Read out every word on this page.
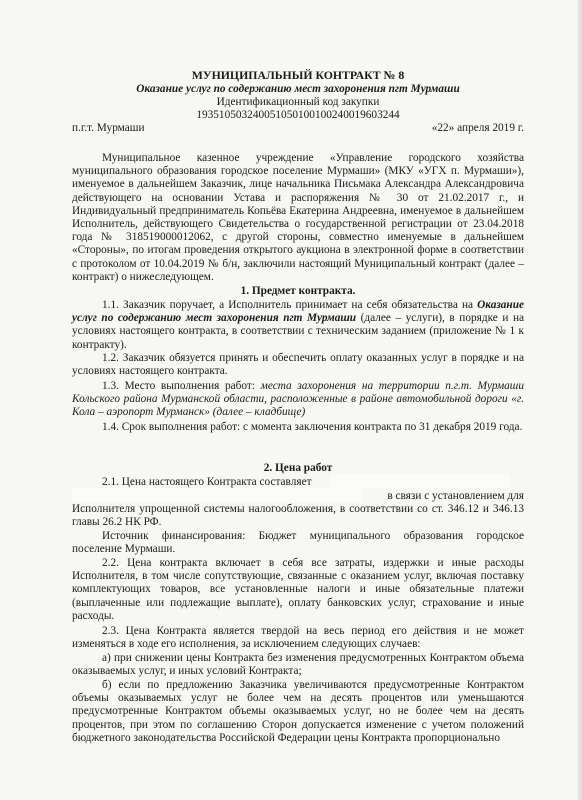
МУНИЦИПАЛЬНЫЙ КОНТРАКТ № 8
Оказание услуг по содержанию мест захоронения пгт Мурмаши
Идентификационный код закупки
193510503240051050100100240019603244
п.г.т. Мурмаши	«22» апреля 2019 г.

Муниципальное казенное учреждение «Управление городского хозяйства муниципального образования городское поселение Мурмаши» (МКУ «УГХ п. Мурмаши»), именуемое в дальнейшем Заказчик, лице начальника Письмака Александра Александровича действующего на основании Устава и распоряжения № 30 от 21.02.2017 г., и Индивидуальный предприниматель Копьёва Екатерина Андреевна, именуемое в дальнейшем Исполнитель, действующего Свидетельства о государственной регистрации от 23.04.2018 года № 318519000012062, с другой стороны, совместно именуемые в дальнейшем «Стороны», по итогам проведения открытого аукциона в электронной форме в соответствии с протоколом от 10.04.2019 № б/н, заключили настоящий Муниципальный контракт (далее – контракт) о нижеследующем.

1. Предмет контракта.

1.1. Заказчик поручает, а Исполнитель принимает на себя обязательства на Оказание услуг по содержанию мест захоронения пгт Мурмаши (далее – услуги), в порядке и на условиях настоящего контракта, в соответствии с техническим заданием (приложение № 1 к контракту).

1.2. Заказчик обязуется принять и обеспечить оплату оказанных услуг в порядке и на условиях настоящего контракта.

1.3. Место выполнения работ: места захоронения на территории п.г.т. Мурмаши Кольского района Мурманской области, расположенные в районе автомобильной дороги «г. Кола – аэропорт Мурманск» (далее – кладбище)

1.4. Срок выполнения работ: с момента заключения контракта по 31 декабря 2019 года.

2. Цена работ
2.1. Цена настоящего Контракта составляет
в связи с установлением для

Исполнителя упрощенной системы налогообложения, в соответствии со ст. 346.12 и 346.13 главы 26.2 НК РФ.

Источник финансирования: Бюджет муниципального образования городское поселение Мурмаши.

2.2. Цена контракта включает в себя все затраты, издержки и иные расходы Исполнителя, в том числе сопутствующие, связанные с оказанием услуг, включая поставку комплектующих товаров, все установленные налоги и иные обязательные платежи (выплаченные или подлежащие выплате), оплату банковских услуг, страхование и иные расходы.

2.3. Цена Контракта является твердой на весь период его действия и не может изменяться в ходе его исполнения, за исключением следующих случаев:

а) при снижении цены Контракта без изменения предусмотренных Контрактом объема оказываемых услуг, и иных условий Контракта;

б) если по предложению Заказчика увеличиваются предусмотренные Контрактом объемы оказываемых услуг не более чем на десять процентов или уменьшаются предусмотренные Контрактом объемы оказываемых услуг, но не более чем на десять процентов, при этом по соглашению Сторон допускается изменение с учетом положений бюджетного законодательства Российской Федерации цены Контракта пропорционально
